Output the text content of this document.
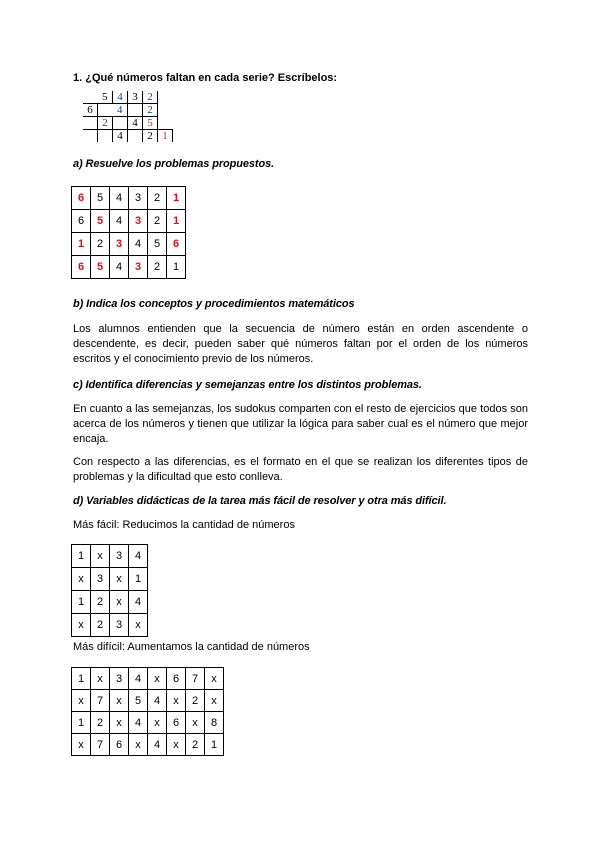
1. ¿Qué números faltan en cada serie? Escríbelos:
	5	4	3	2	
6		4		2	
	2		4	5	
		4		2	1
a) Resuelve los problemas propuestos.
6	5	4	3	2	1
6	5	4	3	2	1
1	2	3	4	5	6
6	5	4	3	2	1
b) Indica los conceptos y procedimientos matemáticos
Los alumnos entienden que la secuencia de número están en orden ascendente o descendente, es decir, pueden saber qué números faltan por el orden de los números escritos y el conocimiento previo de los números.
c) Identifica diferencias y semejanzas entre los distintos problemas.
En cuanto a las semejanzas, los sudokus comparten con el resto de ejercicios que todos son acerca de los números y tienen que utilizar la lógica para saber cual es el número que mejor encaja.
Con respecto a las diferencias, es el formato en el que se realizan los diferentes tipos de problemas y la dificultad que esto conlleva.
d) Variables didácticas de la tarea más fácil de resolver y otra más difícil.
Más fácil: Reducimos la cantidad de números
1	x	3	4
x	3	x	1
1	2	x	4
x	2	3	x
Más difícil: Aumentamos la cantidad de números
1	x	3	4	x	6	7	x
x	7	x	5	4	x	2	x
1	2	x	4	x	6	x	8
x	7	6	x	4	x	2	1
